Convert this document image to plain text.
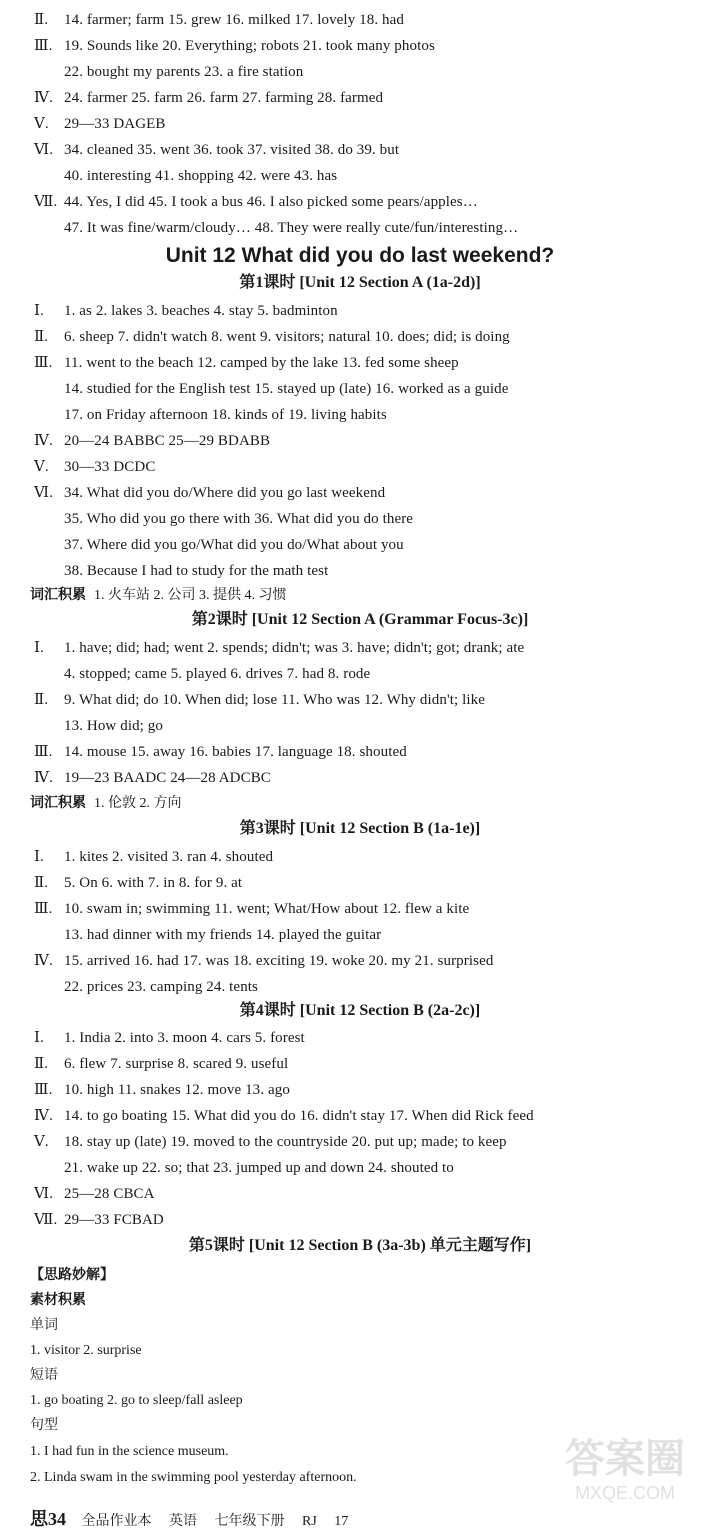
Ⅱ. 14. farmer; farm 15. grew 16. milked 17. lovely 18. had
Ⅲ. 19. Sounds like 20. Everything; robots 21. took many photos
22. bought my parents 23. a fire station
Ⅳ. 24. farmer 25. farm 26. farm 27. farming 28. farmed
Ⅴ. 29—33 DAGEB
Ⅵ. 34. cleaned 35. went 36. took 37. visited 38. do 39. but
40. interesting 41. shopping 42. were 43. has
Ⅶ. 44. Yes, I did 45. I took a bus 46. I also picked some pears/apples…
47. It was fine/warm/cloudy… 48. They were really cute/fun/interesting…
Unit 12 What did you do last weekend?
第1课时 [Unit 12 Section A (1a-2d)]
Ⅰ. 1. as 2. lakes 3. beaches 4. stay 5. badminton
Ⅱ. 6. sheep 7. didn't watch 8. went 9. visitors; natural 10. does; did; is doing
Ⅲ. 11. went to the beach 12. camped by the lake 13. fed some sheep
14. studied for the English test 15. stayed up (late) 16. worked as a guide
17. on Friday afternoon 18. kinds of 19. living habits
Ⅳ. 20—24 BABBC 25—29 BDABB
Ⅴ. 30—33 DCDC
Ⅵ. 34. What did you do/Where did you go last weekend
35. Who did you go there with 36. What did you do there
37. Where did you go/What did you do/What about you
38. Because I had to study for the math test
词汇积累 1. 火车站 2. 公司 3. 提供 4. 习惯
第2课时 [Unit 12 Section A (Grammar Focus-3c)]
Ⅰ. 1. have; did; had; went 2. spends; didn't; was 3. have; didn't; got; drank; ate
4. stopped; came 5. played 6. drives 7. had 8. rode
Ⅱ. 9. What did; do 10. When did; lose 11. Who was 12. Why didn't; like
13. How did; go
Ⅲ. 14. mouse 15. away 16. babies 17. language 18. shouted
Ⅳ. 19—23 BAADC 24—28 ADCBC
词汇积累 1. 伦敦 2. 方向
第3课时 [Unit 12 Section B (1a-1e)]
Ⅰ. 1. kites 2. visited 3. ran 4. shouted
Ⅱ. 5. On 6. with 7. in 8. for 9. at
Ⅲ. 10. swam in; swimming 11. went; What/How about 12. flew a kite
13. had dinner with my friends 14. played the guitar
Ⅳ. 15. arrived 16. had 17. was 18. exciting 19. woke 20. my 21. surprised
22. prices 23. camping 24. tents
第4课时 [Unit 12 Section B (2a-2c)]
Ⅰ. 1. India 2. into 3. moon 4. cars 5. forest
Ⅱ. 6. flew 7. surprise 8. scared 9. useful
Ⅲ. 10. high 11. snakes 12. move 13. ago
Ⅳ. 14. to go boating 15. What did you do 16. didn't stay 17. When did Rick feed
Ⅴ. 18. stay up (late) 19. moved to the countryside 20. put up; made; to keep
21. wake up 22. so; that 23. jumped up and down 24. shouted to
Ⅵ. 25—28 CBCA
Ⅶ. 29—33 FCBAD
第5课时 [Unit 12 Section B (3a-3b) 单元主题写作]
【思路妙解】
素材积累
单词
1. visitor 2. surprise
短语
1. go boating 2. go to sleep/fall asleep
句型
1. I had fun in the science museum.
2. Linda swam in the swimming pool yesterday afternoon.	答案圈
MXQE.COM
思34 全品作业本 英语 七年级下册 RJ 17
